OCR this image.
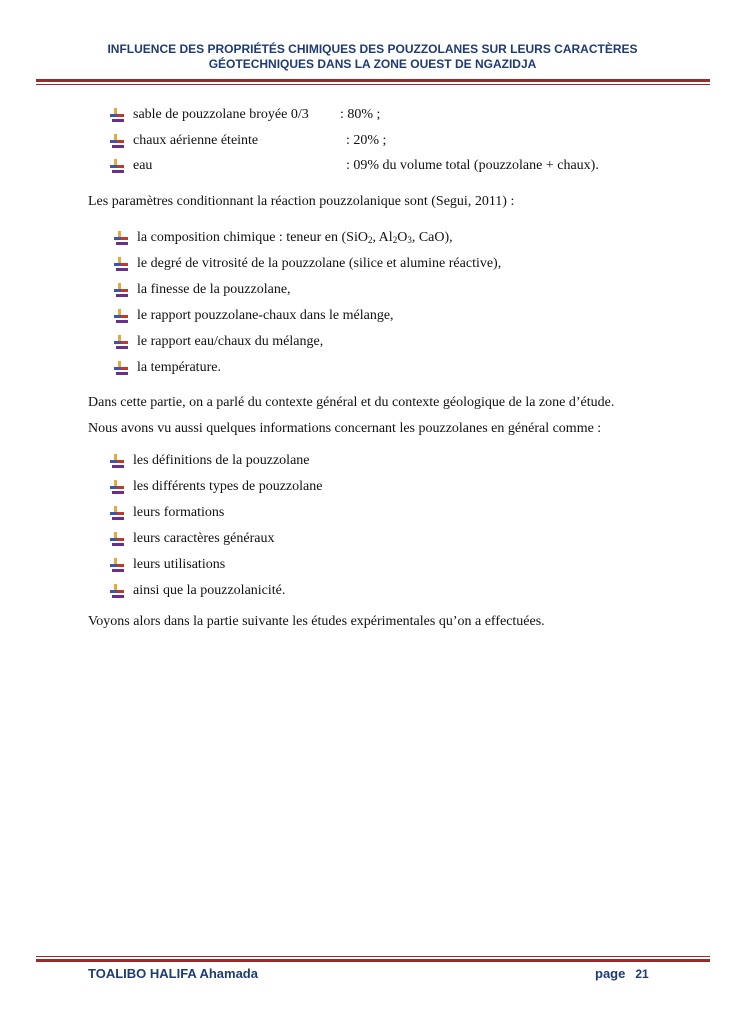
INFLUENCE DES PROPRIÉTÉS CHIMIQUES DES POUZZOLANES SUR LEURS CARACTÈRES
GÉOTECHNIQUES DANS LA ZONE OUEST DE NGAZIDJA
sable de pouzzolane broyée 0/3 : 80% ;
chaux aérienne éteinte	: 20% ;
eau	: 09% du volume total (pouzzolane + chaux).
Les paramètres conditionnant la réaction pouzzolanique sont (Segui, 2011) :
la composition chimique : teneur en (SiO$_2$, $Al_2O_3$, CaO),
le degré de vitrosité de la pouzzolane (silice et alumine réactive),
la finesse de la pouzzolane,
le rapport pouzzolane-chaux dans le mélange,
le rapport eau/chaux du mélange,
la température.
Dans cette partie, on a parlé du contexte général et du contexte géologique de la zone d’étude.
Nous avons vu aussi quelques informations concernant les pouzzolanes en général comme :
les définitions de la pouzzolane
les différents types de pouzzolane
leurs formations
leurs caractères généraux
leurs utilisations
ainsi que la pouzzolanicité.
Voyons alors dans la partie suivante les études expérimentales qu’on a effectuées.
TOALIBO HALIFA Ahamada	page 21
